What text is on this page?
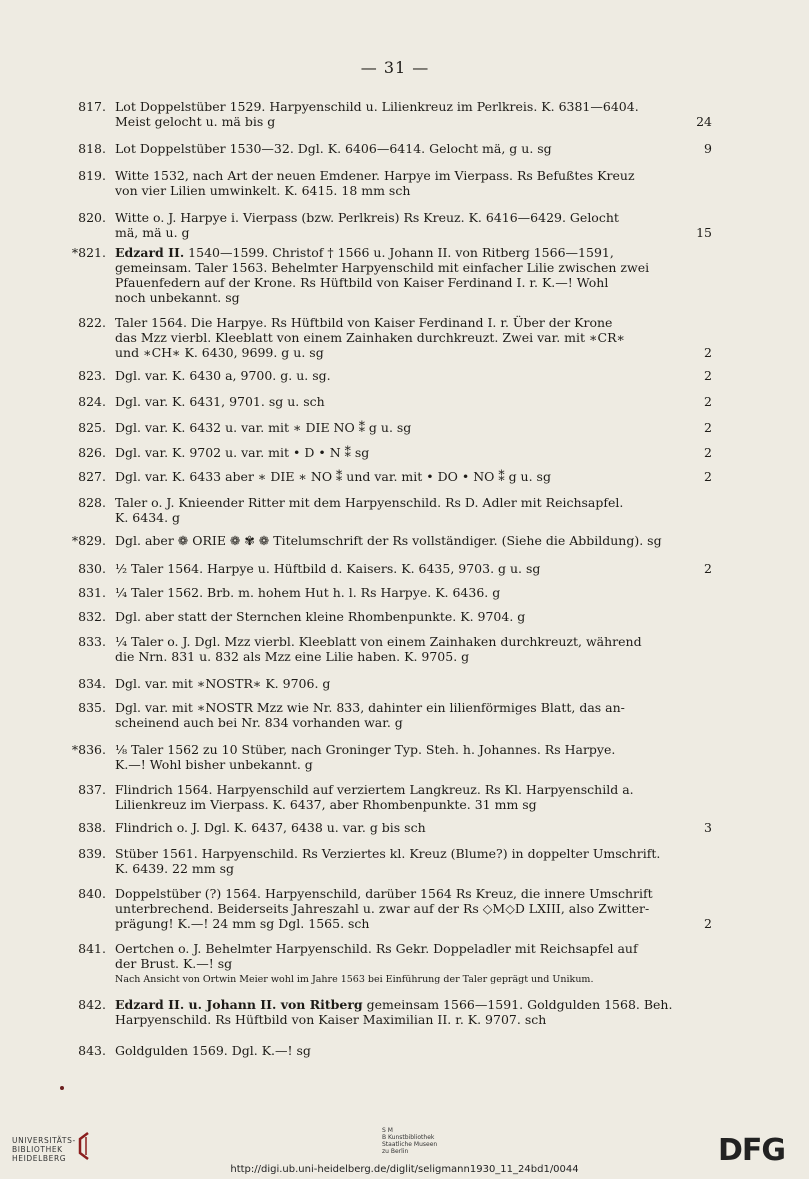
— 31 —
817. Lot Doppelstüber 1529. Harpyenschild u. Lilienkreuz im Perlkreis. K. 6381—6404.
Meist gelocht u. mä bis g	24
818. Lot Doppelstüber 1530—32. Dgl. K. 6406—6414. Gelocht mä, g u. sg	9
819. Witte 1532, nach Art der neuen Emdener. Harpye im Vierpass. Rs Befußtes Kreuz
von vier Lilien umwinkelt. K. 6415. 18 mm sch
820. Witte o. J. Harpye i. Vierpass (bzw. Perlkreis) Rs Kreuz. K. 6416—6429. Gelocht
mä, mä u. g	15
*821. Edzard II. 1540—1599. Christof † 1566 u. Johann II. von Ritberg 1566—1591,
gemeinsam. Taler 1563. Behelmter Harpyenschild mit einfacher Lilie zwischen zwei
Pfauenfedern auf der Krone. Rs Hüftbild von Kaiser Ferdinand I. r. K.—! Wohl
noch unbekannt. sg
822. Taler 1564. Die Harpye. Rs Hüftbild von Kaiser Ferdinand I. r. Über der Krone
das Mzz vierbl. Kleeblatt von einem Zainhaken durchkreuzt. Zwei var. mit ∗CR∗
und ∗CH∗ K. 6430, 9699. g u. sg	2
823. Dgl. var. K. 6430 a, 9700. g. u. sg.	2
824. Dgl. var. K. 6431, 9701. sg u. sch	2
825. Dgl. var. K. 6432 u. var. mit ∗ DIE NO ⁑ g u. sg	2
826. Dgl. var. K. 9702 u. var. mit • D • N ⁑ sg	2
827. Dgl. var. K. 6433 aber ∗ DIE ∗ NO ⁑ und var. mit • DO • NO ⁑ g u. sg	2
828. Taler o. J. Knieender Ritter mit dem Harpyenschild. Rs D. Adler mit Reichsapfel.
K. 6434. g
*829. Dgl. aber ❁ ORIE ❁ ✾ ❁ Titelumschrift der Rs vollständiger. (Siehe die Abbildung). sg
830. ½ Taler 1564. Harpye u. Hüftbild d. Kaisers. K. 6435, 9703. g u. sg	2
831. ¼ Taler 1562. Brb. m. hohem Hut h. l. Rs Harpye. K. 6436. g
832. Dgl. aber statt der Sternchen kleine Rhombenpunkte. K. 9704. g
833. ¼ Taler o. J. Dgl. Mzz vierbl. Kleeblatt von einem Zainhaken durchkreuzt, während
die Nrn. 831 u. 832 als Mzz eine Lilie haben. K. 9705. g
834. Dgl. var. mit ∗NOSTR∗ K. 9706. g
835. Dgl. var. mit ∗NOSTR Mzz wie Nr. 833, dahinter ein lilienförmiges Blatt, das an-
scheinend auch bei Nr. 834 vorhanden war. g
*836. ⅛ Taler 1562 zu 10 Stüber, nach Groninger Typ. Steh. h. Johannes. Rs Harpye.
K.—! Wohl bisher unbekannt. g
837. Flindrich 1564. Harpyenschild auf verziertem Langkreuz. Rs Kl. Harpyenschild a.
Lilienkreuz im Vierpass. K. 6437, aber Rhombenpunkte. 31 mm sg
838. Flindrich o. J. Dgl. K. 6437, 6438 u. var. g bis sch	3
839. Stüber 1561. Harpyenschild. Rs Verziertes kl. Kreuz (Blume?) in doppelter Umschrift.
K. 6439. 22 mm sg
840. Doppelstüber (?) 1564. Harpyenschild, darüber 1564 Rs Kreuz, die innere Umschrift
unterbrechend. Beiderseits Jahreszahl u. zwar auf der Rs ◇M◇D LXIII, also Zwitter-
prägung! K.—! 24 mm sg Dgl. 1565. sch	2
841. Oertchen o. J. Behelmter Harpyenschild. Rs Gekr. Doppeladler mit Reichsapfel auf
der Brust. K.—! sg
Nach Ansicht von Ortwin Meier wohl im Jahre 1563 bei Einführung der Taler geprägt und Unikum.
842. Edzard II. u. Johann II. von Ritberg gemeinsam 1566—1591. Goldgulden 1568. Beh.
Harpyenschild. Rs Hüftbild von Kaiser Maximilian II. r. K. 9707. sch
843. Goldgulden 1569. Dgl. K.—! sg
UNIVERSITÄTS-
BIBLIOTHEK
HEIDELBERG
S M
B Kunstbibliothek
Staatliche Museen
zu Berlin	DFG
http://digi.ub.uni-heidelberg.de/diglit/seligmann1930_11_24bd1/0044
